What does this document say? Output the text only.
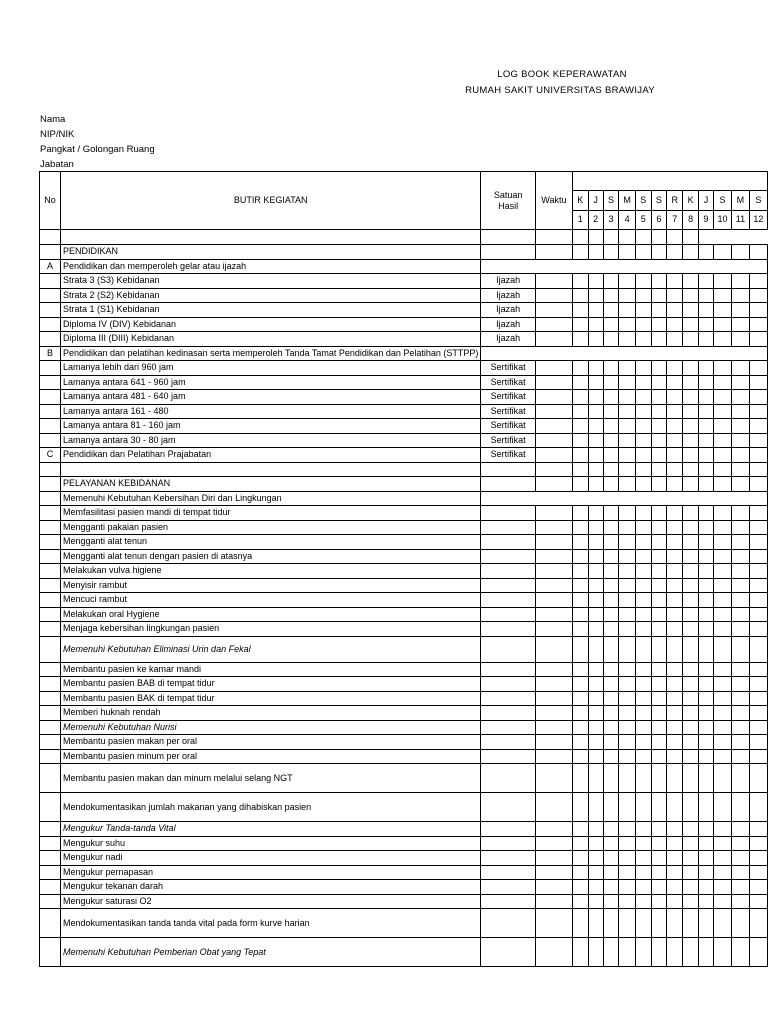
LOG BOOK KEPERAWATAN
RUMAH SAKIT UNIVERSITAS BRAWIJAY
Nama
NIP/NIK
Pangkat / Golongan Ruang
Jabatan
No	BUTIR KEGIATAN	Satuan Hasil	Waktu												
				K	J	S	M	S	S	R	K	J	S	M	S
				1	2	3	4	5	6	7	8	9	10	11	12

	PENDIDIKAN														
A	Pendidikan dan memperoleh gelar atau ijazah														
	Strata 3 (S3) Kebidanan	Ijazah													
	Strata 2 (S2) Kebidanan	Ijazah													
	Strata 1 (S1) Kebidanan	Ijazah													
	Diploma IV (DIV) Kebidanan	Ijazah													
	Diploma III (DIII) Kebidanan	Ijazah													
B	Pendidikan dan pelatihan kedinasan serta memperoleh Tanda Tamat Pendidikan dan Pelatihan (STTPP)														
	Lamanya lebih dari 960 jam	Sertifikat													
	Lamanya antara 641 - 960 jam	Sertifikat													
	Lamanya antara 481 - 640 jam	Sertifikat													
	Lamanya antara 161 - 480	Sertifikat													
	Lamanya antara 81 - 160 jam	Sertifikat													
	Lamanya antara 30 - 80 jam	Sertifikat													
C	Pendidikan dan Pelatihan Prajabatan	Sertifikat													

	PELAYANAN KEBIDANAN														
	Memenuhi Kebutuhan Kebersihan Diri dan Lingkungan														
	Memfasilitasi pasien mandi di tempat tidur														
	Mengganti pakaian pasien														
	Mengganti alat tenun														
	Mengganti alat tenun dengan pasien di atasnya														
	Melakukan vulva higiene														
	Menyisir rambut														
	Mencuci rambut														
	Melakukan oral Hygiene														
	Menjaga kebersihan lingkungan pasien														
	Memenuhi Kebutuhan Eliminasi Urin dan Fekal														
	Membantu pasien ke kamar mandi														
	Membantu pasien BAB di tempat tidur														
	Membantu pasien BAK di tempat tidur														
	Memberi huknah rendah														
	Memenuhi Kebutuhan Nurisi														
	Membantu pasien makan per oral														
	Membantu pasien minum per oral														
	Membantu pasien makan dan minum melalui selang NGT														
	Mendokumentasikan jumlah makanan yang dihabiskan pasien														
	Mengukur Tanda-tanda Vital														
	Mengukur suhu														
	Mengukur nadi														
	Mengukur pernapasan														
	Mengukur tekanan darah														
	Mengukur saturasi O2														
	Mendokumentasikan tanda tanda vital pada form kurve harian														
	Memenuhi Kebutuhan Pemberian Obat yang Tepat														
